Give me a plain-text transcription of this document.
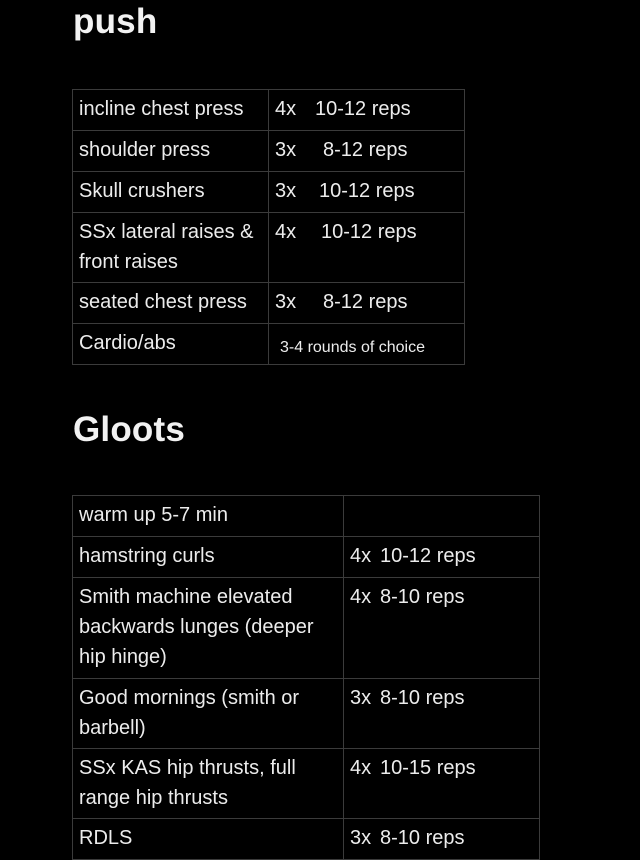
push
incline chest press	4x 10-12 reps
shoulder press	3x 8-12 reps
Skull crushers	3x 10-12 reps
SSx lateral raises & front raises	4x 10-12 reps
seated chest press	3x 8-12 reps
Cardio/abs	3-4 rounds of choice
Gloots
warm up 5-7 min	
hamstring curls	4x 10-12 reps
Smith machine elevated backwards lunges (deeper hip hinge)	4x 8-10 reps
Good mornings (smith or barbell)	3x 8-10 reps
SSx KAS hip thrusts, full range hip thrusts	4x 10-15 reps
RDLS	3x 8-10 reps
